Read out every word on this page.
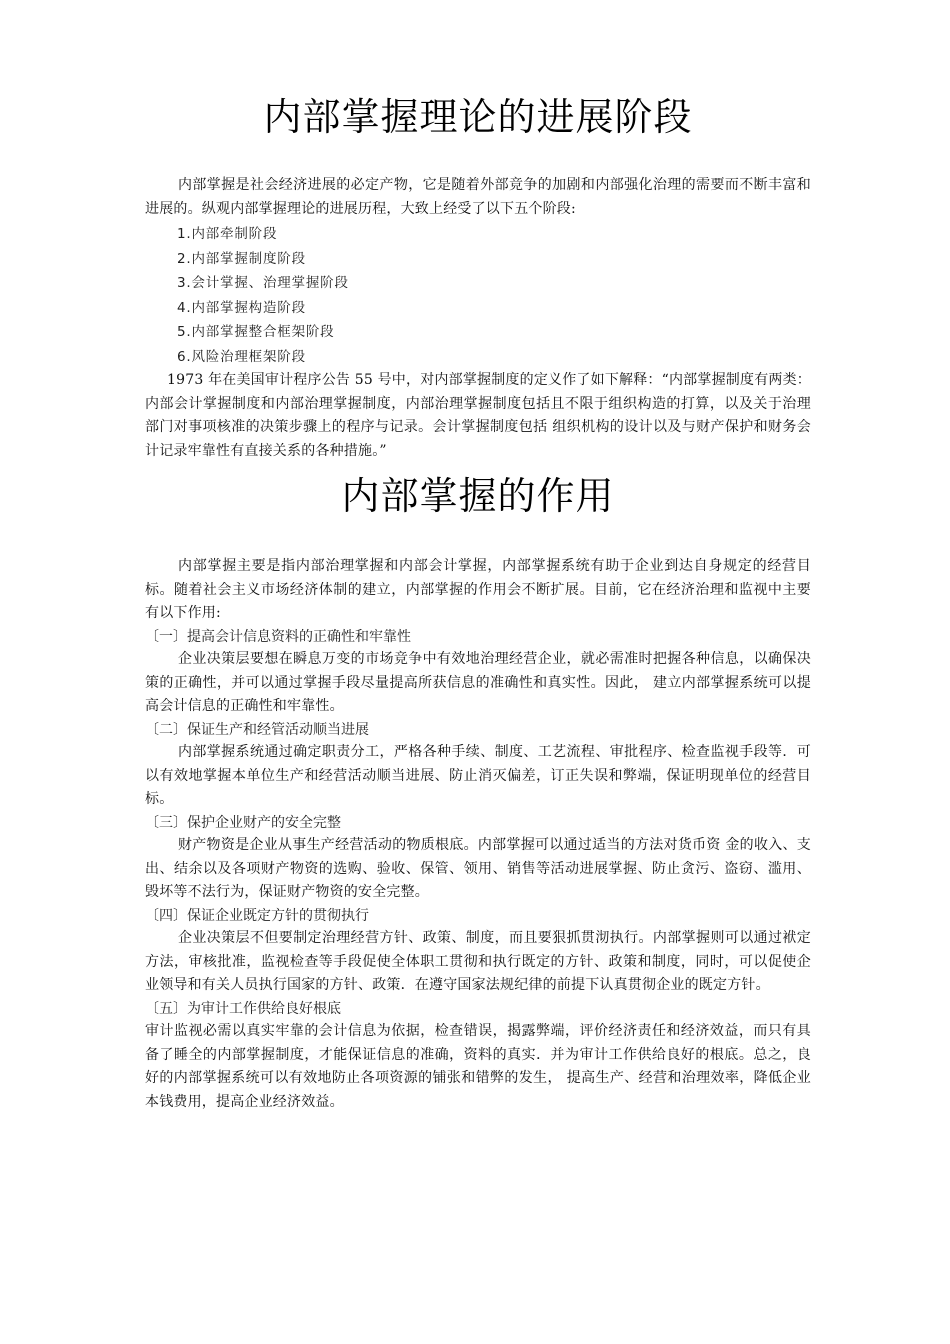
内部掌握理论的进展阶段

内部掌握是社会经济进展的必定产物，它是随着外部竞争的加剧和内部强化治理的需要而不断丰富和进展的。纵观内部掌握理论的进展历程，大致上经受了以下五个阶段:

1.内部牵制阶段
2.内部掌握制度阶段
3.会计掌握、治理掌握阶段
4.内部掌握构造阶段
5.内部掌握整合框架阶段
6.风险治理框架阶段

1973 年在美国审计程序公告 55 号中，对内部掌握制度的定义作了如下解释：“内部掌握制度有两类：内部会计掌握制度和内部治理掌握制度，内部治理掌握制度包括且不限于组织构造的打算，以及关于治理部门对事项核准的决策步骤上的程序与记录。会计掌握制度包括 组织机构的设计以及与财产保护和财务会计记录牢靠性有直接关系的各种措施。”

内部掌握的作用

内部掌握主要是指内部治理掌握和内部会计掌握，内部掌握系统有助于企业到达自身规定的经营目标。随着社会主义市场经济体制的建立，内部掌握的作用会不断扩展。目前，它在经济治理和监视中主要有以下作用:

〔一〕提高会计信息资料的正确性和牢靠性

企业决策层要想在瞬息万变的市场竞争中有效地治理经营企业，就必需准时把握各种信息，以确保决策的正确性，并可以通过掌握手段尽量提高所获信息的准确性和真实性。因此， 建立内部掌握系统可以提高会计信息的正确性和牢靠性。

〔二〕保证生产和经管活动顺当进展

内部掌握系统通过确定职责分工，严格各种手续、制度、工艺流程、审批程序、检查监视手段等．可以有效地掌握本单位生产和经营活动顺当进展、防止消灭偏差，订正失误和弊端，保证明现单位的经营目标。

〔三〕保护企业财产的安全完整

财产物资是企业从事生产经营活动的物质根底。内部掌握可以通过适当的方法对货币资 金的收入、支出、结余以及各项财产物资的选购、验收、保管、领用、销售等活动进展掌握、防止贪污、盗窃、滥用、毁坏等不法行为，保证财产物资的安全完整。

〔四〕保证企业既定方针的贯彻执行

企业决策层不但要制定治理经营方针、政策、制度，而且要狠抓贯沏执行。内部掌握则可以通过袱定方法，审核批准，监视检查等手段促使全体职工贯彻和执行既定的方针、政策和制度，同时，可以促使企业领导和有关人员执行国家的方针、政策．在遵守国家法规纪律的前提下认真贯彻企业的既定方针。

〔五〕为审计工作供给良好根底

审计监视必需以真实牢靠的会计信息为依据，检查错误，揭露弊端，评价经济责任和经济效益，而只有具备了睡全的内部掌握制度，才能保证信息的准确，资料的真实．并为审计工作供给良好的根底。总之，良好的内部掌握系统可以有效地防止各项资源的铺张和错弊的发生， 提高生产、经营和治理效率，降低企业本钱费用，提高企业经济效益。
